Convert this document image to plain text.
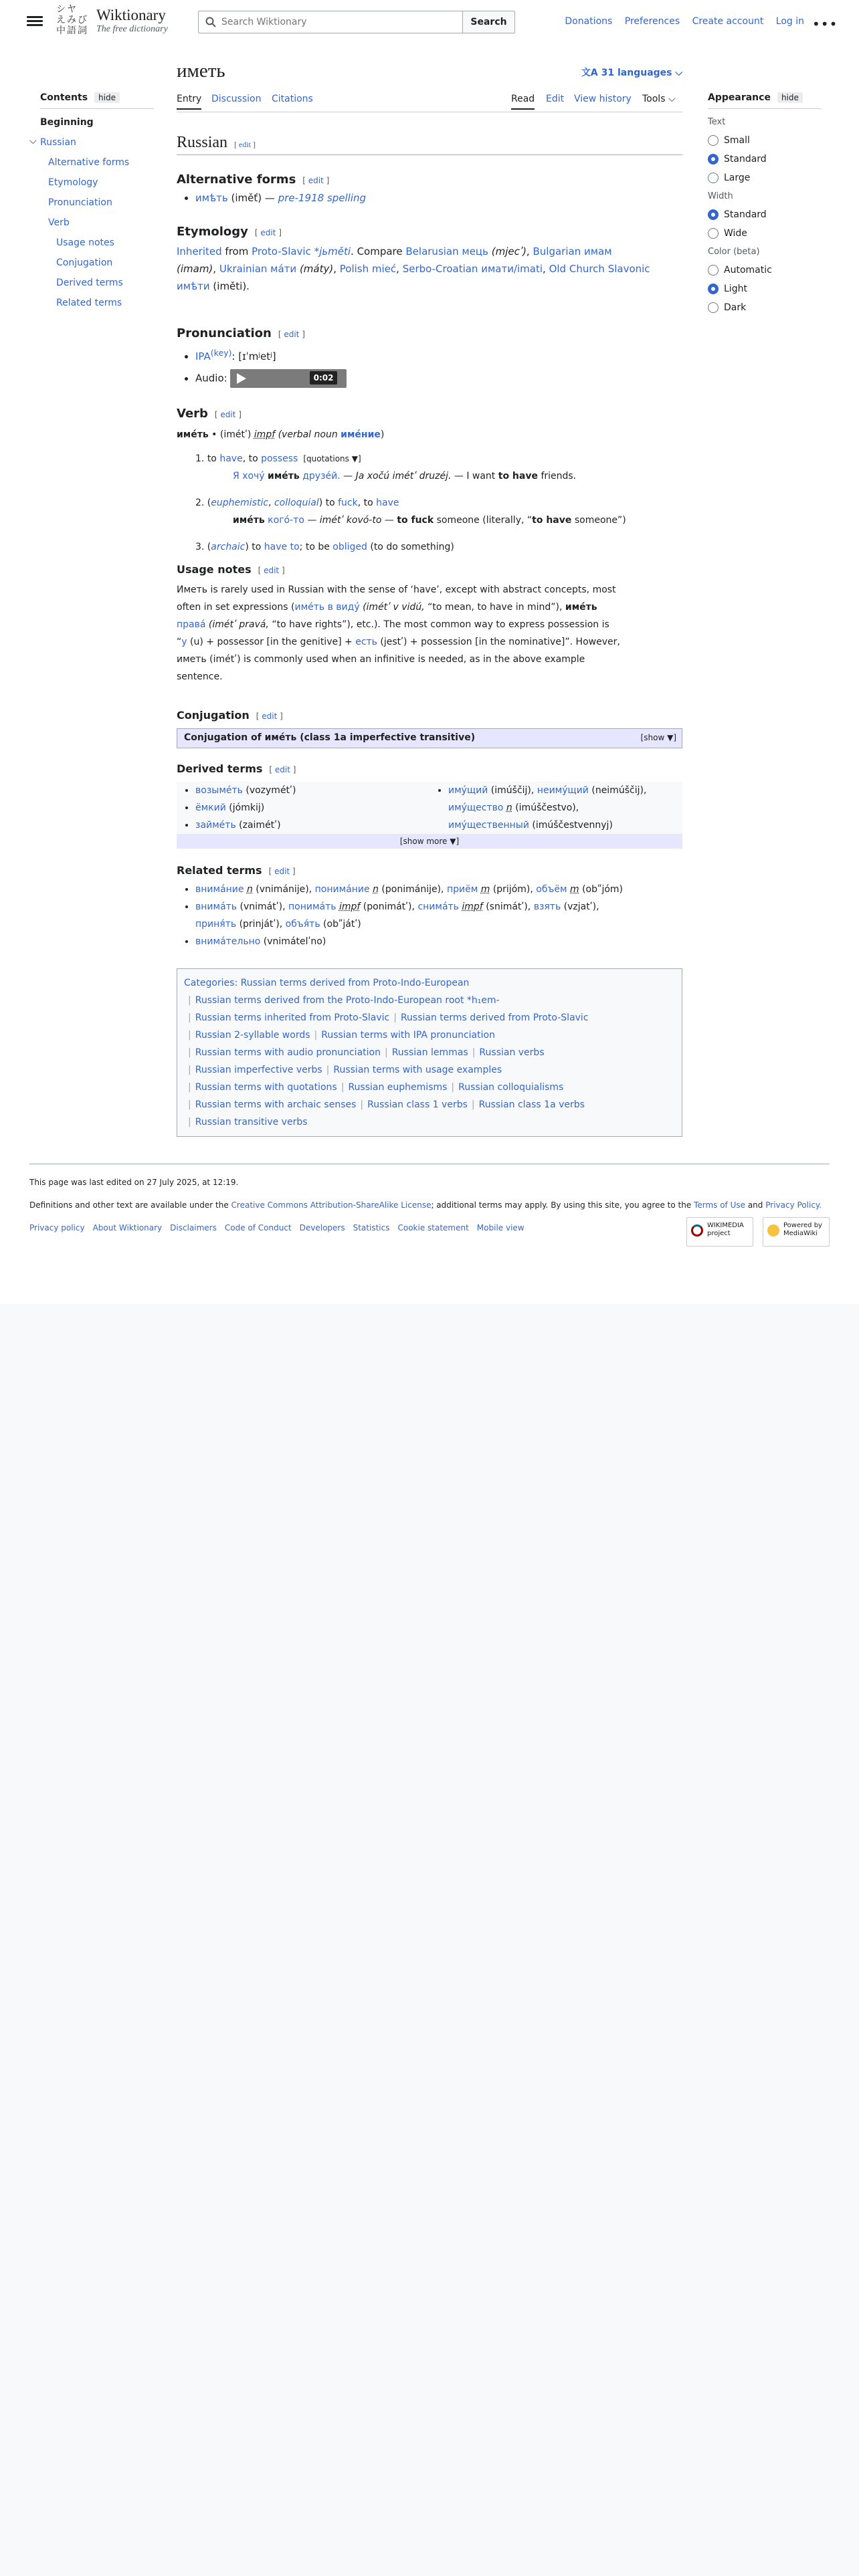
シヤ
えみび
中語詞
Wiktionary
The free dictionary
Search Wiktionary
Search	Donations Preferences Create account Log in •••
Contents hide
Beginning
⌵ Russian
Alternative forms
Etymology
Pronunciation
Verb
Usage notes
Conjugation
Derived terms
Related terms
иметь	文A 31 languages ⌵
Entry Discussion Citations	Read Edit View history Tools ⌵
Russian [ edit ]
Alternative forms [ edit ]
• имѣть (iměť) — pre-1918 spelling
Etymology [ edit ]
Inherited from Proto-Slavic *jьměti. Compare Belarusian мець (mjecʹ), Bulgarian имам
(imam), Ukrainian ма́ти (máty), Polish mieć, Serbo-Croatian имати/imati, Old Church Slavonic
имѣти (iměti).
Pronunciation [ edit ]
• $IPA^{(key)}$: [ɪˈmʲetʲ]
• Audio:	0:02
Verb [ edit ]
име́ть • (imétʹ) impf (verbal noun име́ние)
1. to have, to possess [quotations ▼]
Я хочу́ име́ть друзе́й. — Ja xočú imétʹ druzéj. — I want to have friends.
2. (euphemistic, colloquial) to fuck, to have
име́ть кого́-то — imétʹ kovó-to — to fuck someone (literally, “to have someone”)
3. (archaic) to have to; to be obliged (to do something)
Usage notes [ edit ]
Иметь is rarely used in Russian with the sense of ‘have’, except with abstract concepts, most
often in set expressions (име́ть в виду́ (imétʹ v vidú, “to mean, to have in mind”), име́ть
права́ (imétʹ pravá, “to have rights”), etc.). The most common way to express possession is
“у (u) + possessor [in the genitive] + есть (jestʹ) + possession [in the nominative]”. However,
иметь (imétʹ) is commonly used when an infinitive is needed, as in the above example
sentence.
Conjugation [ edit ]
Conjugation of име́ть (class 1a imperfective transitive)	[show ▼]
Derived terms [ edit ]
• возыме́ть (vozymétʹ)
• ёмкий (jómkij)
• займе́ть (zaimétʹ)
• иму́щий (imúščij), неиму́щий (neimúščij),
иму́щество n (imúščestvo),
иму́щественный (imúščestvennyj)
[show more ▼]
Related terms [ edit ]
• внима́ние n (vnimánije), понима́ние n (ponimánije), приём m (prijóm), объём m (obʺjóm)
• внима́ть (vnimátʹ), понима́ть impf (ponimátʹ), снима́ть impf (snimátʹ), взять (vzjatʹ),
приня́ть (prinjátʹ), объя́ть (obʺjátʹ)
• внима́тельно (vnimátelʹno)
Categories: Russian terms derived from Proto-Indo-European
| Russian terms derived from the Proto-Indo-European root *h₁em-
| Russian terms inherited from Proto-Slavic | Russian terms derived from Proto-Slavic
| Russian 2-syllable words | Russian terms with IPA pronunciation
| Russian terms with audio pronunciation | Russian lemmas | Russian verbs
| Russian imperfective verbs | Russian terms with usage examples
| Russian terms with quotations | Russian euphemisms | Russian colloquialisms
| Russian terms with archaic senses | Russian class 1 verbs | Russian class 1a verbs
| Russian transitive verbs
Appearance hide
Text
Small
Standard
Large
Width
Standard
Wide
Color (beta)
Automatic
Light
Dark
This page was last edited on 27 July 2025, at 12:19.
Definitions and other text are available under the Creative Commons Attribution-ShareAlike License; additional terms may apply. By using this site, you agree to the Terms of Use and Privacy Policy.
Privacy policy About Wiktionary Disclaimers Code of Conduct Developers Statistics Cookie statement Mobile view	WIKIMEDIA project
Powered by MediaWiki
